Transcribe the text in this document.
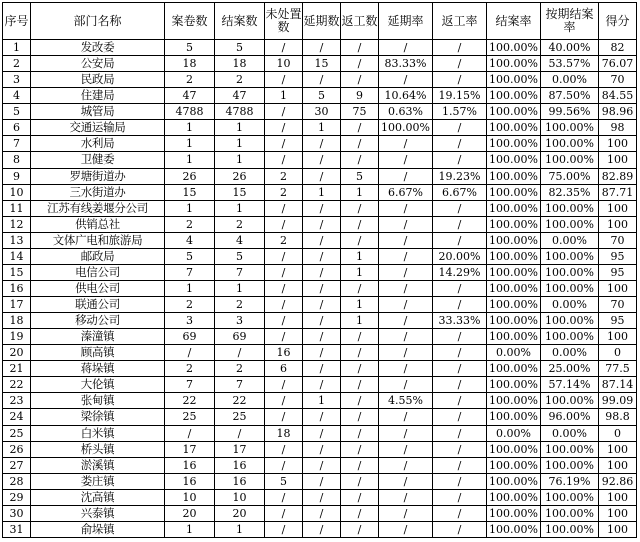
序号	部门名称	案卷数	结案数	未处置数	延期数	返工数	延期率	返工率	结案率	按期结案率	得分
1	发改委	5	5	/	/	/	/	/	100.00%	40.00%	82
2	公安局	18	18	10	15	/	83.33%	/	100.00%	53.57%	76.07
3	民政局	2	2	/	/	/	/	/	100.00%	0.00%	70
4	住建局	47	47	1	5	9	10.64%	19.15%	100.00%	87.50%	84.55
5	城管局	4788	4788	/	30	75	0.63%	1.57%	100.00%	99.56%	98.96
6	交通运输局	1	1	/	1	/	100.00%	/	100.00%	100.00%	98
7	水利局	1	1	/	/	/	/	/	100.00%	100.00%	100
8	卫健委	1	1	/	/	/	/	/	100.00%	100.00%	100
9	罗塘街道办	26	26	2	/	5	/	19.23%	100.00%	75.00%	82.89
10	三水街道办	15	15	2	1	1	6.67%	6.67%	100.00%	82.35%	87.71
11	江苏有线姜堰分公司	1	1	/	/	/	/	/	100.00%	100.00%	100
12	供销总社	2	2	/	/	/	/	/	100.00%	100.00%	100
13	文体广电和旅游局	4	4	2	/	/	/	/	100.00%	0.00%	70
14	邮政局	5	5	/	/	1	/	20.00%	100.00%	100.00%	95
15	电信公司	7	7	/	/	1	/	14.29%	100.00%	100.00%	95
16	供电公司	1	1	/	/	/	/	/	100.00%	100.00%	100
17	联通公司	2	2	/	/	1	/	/	100.00%	0.00%	70
18	移动公司	3	3	/	/	1	/	33.33%	100.00%	100.00%	95
19	溱潼镇	69	69	/	/	/	/	/	100.00%	100.00%	100
20	顾高镇	/	/	16	/	/	/	/	0.00%	0.00%	0
21	蒋垛镇	2	2	6	/	/	/	/	100.00%	25.00%	77.5
22	大伦镇	7	7	/	/	/	/	/	100.00%	57.14%	87.14
23	张甸镇	22	22	/	1	/	4.55%	/	100.00%	100.00%	99.09
24	梁徐镇	25	25	/	/	/	/	/	100.00%	96.00%	98.8
25	白米镇	/	/	18	/	/	/	/	0.00%	0.00%	0
26	桥头镇	17	17	/	/	/	/	/	100.00%	100.00%	100
27	淤溪镇	16	16	/	/	/	/	/	100.00%	100.00%	100
28	娄庄镇	16	16	5	/	/	/	/	100.00%	76.19%	92.86
29	沈高镇	10	10	/	/	/	/	/	100.00%	100.00%	100
30	兴泰镇	20	20	/	/	/	/	/	100.00%	100.00%	100
31	俞垛镇	1	1	/	/	/	/	/	100.00%	100.00%	100
